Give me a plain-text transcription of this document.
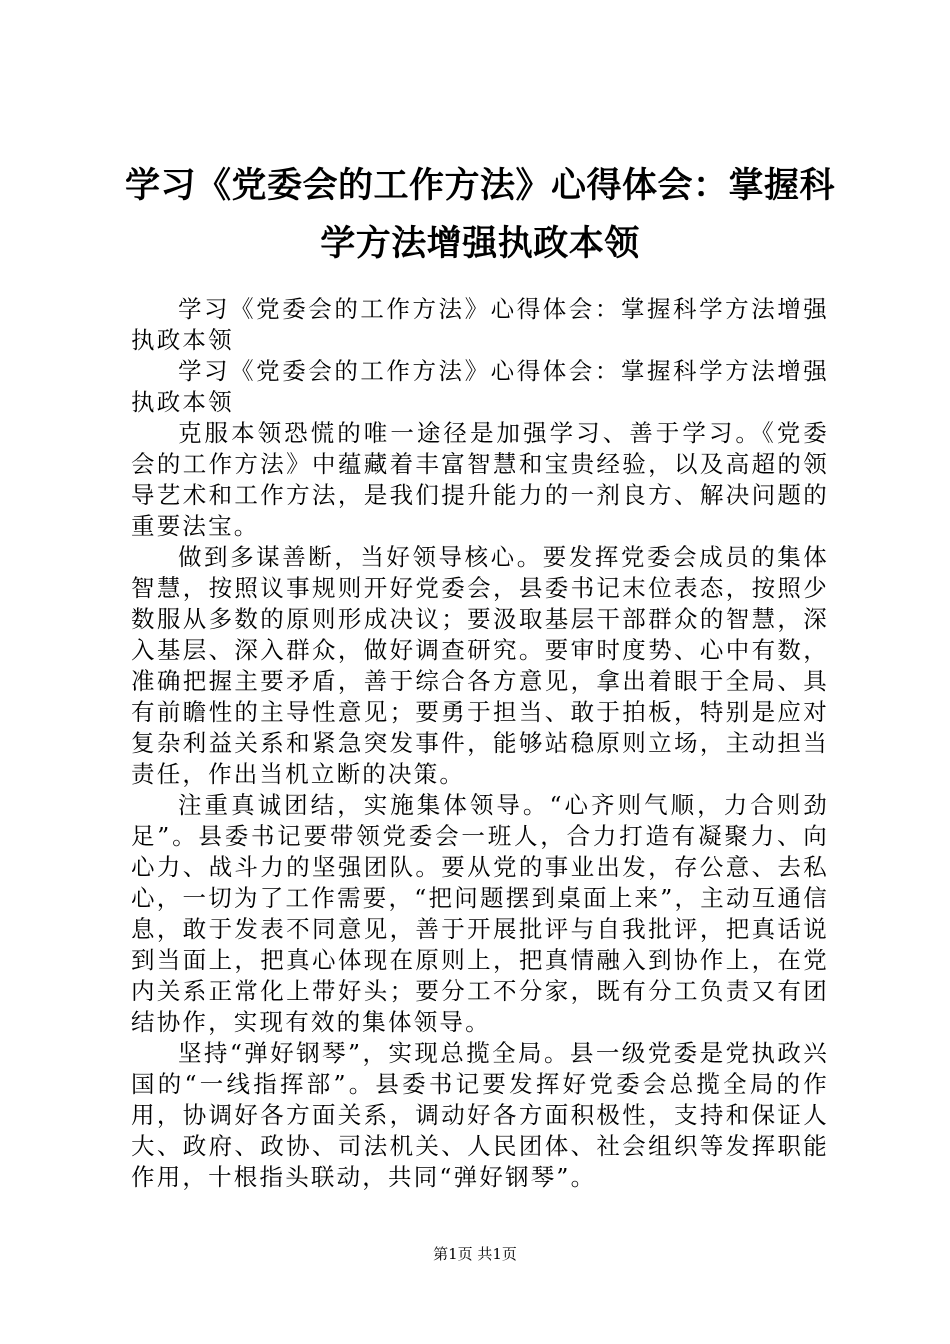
学习《党委会的工作方法》心得体会：掌握科学方法增强执政本领

学习《党委会的工作方法》心得体会：掌握科学方法增强执政本领

学习《党委会的工作方法》心得体会：掌握科学方法增强执政本领

克服本领恐慌的唯一途径是加强学习、善于学习。《党委会的工作方法》中蕴藏着丰富智慧和宝贵经验，以及高超的领导艺术和工作方法，是我们提升能力的一剂良方、解决问题的重要法宝。

做到多谋善断，当好领导核心。要发挥党委会成员的集体智慧，按照议事规则开好党委会，县委书记末位表态，按照少数服从多数的原则形成决议；要汲取基层干部群众的智慧，深入基层、深入群众，做好调查研究。要审时度势、心中有数，准确把握主要矛盾，善于综合各方意见，拿出着眼于全局、具有前瞻性的主导性意见；要勇于担当、敢于拍板，特别是应对复杂利益关系和紧急突发事件，能够站稳原则立场，主动担当责任，作出当机立断的决策。

注重真诚团结，实施集体领导。“心齐则气顺，力合则劲足”。县委书记要带领党委会一班人，合力打造有凝聚力、向心力、战斗力的坚强团队。要从党的事业出发，存公意、去私心，一切为了工作需要，“把问题摆到桌面上来”，主动互通信息，敢于发表不同意见，善于开展批评与自我批评，把真话说到当面上，把真心体现在原则上，把真情融入到协作上，在党内关系正常化上带好头；要分工不分家，既有分工负责又有团结协作，实现有效的集体领导。

坚持“弹好钢琴”，实现总揽全局。县一级党委是党执政兴国的“一线指挥部”。县委书记要发挥好党委会总揽全局的作用，协调好各方面关系，调动好各方面积极性，支持和保证人大、政府、政协、司法机关、人民团体、社会组织等发挥职能作用，十根指头联动，共同“弹好钢琴”。

第1页 共1页
